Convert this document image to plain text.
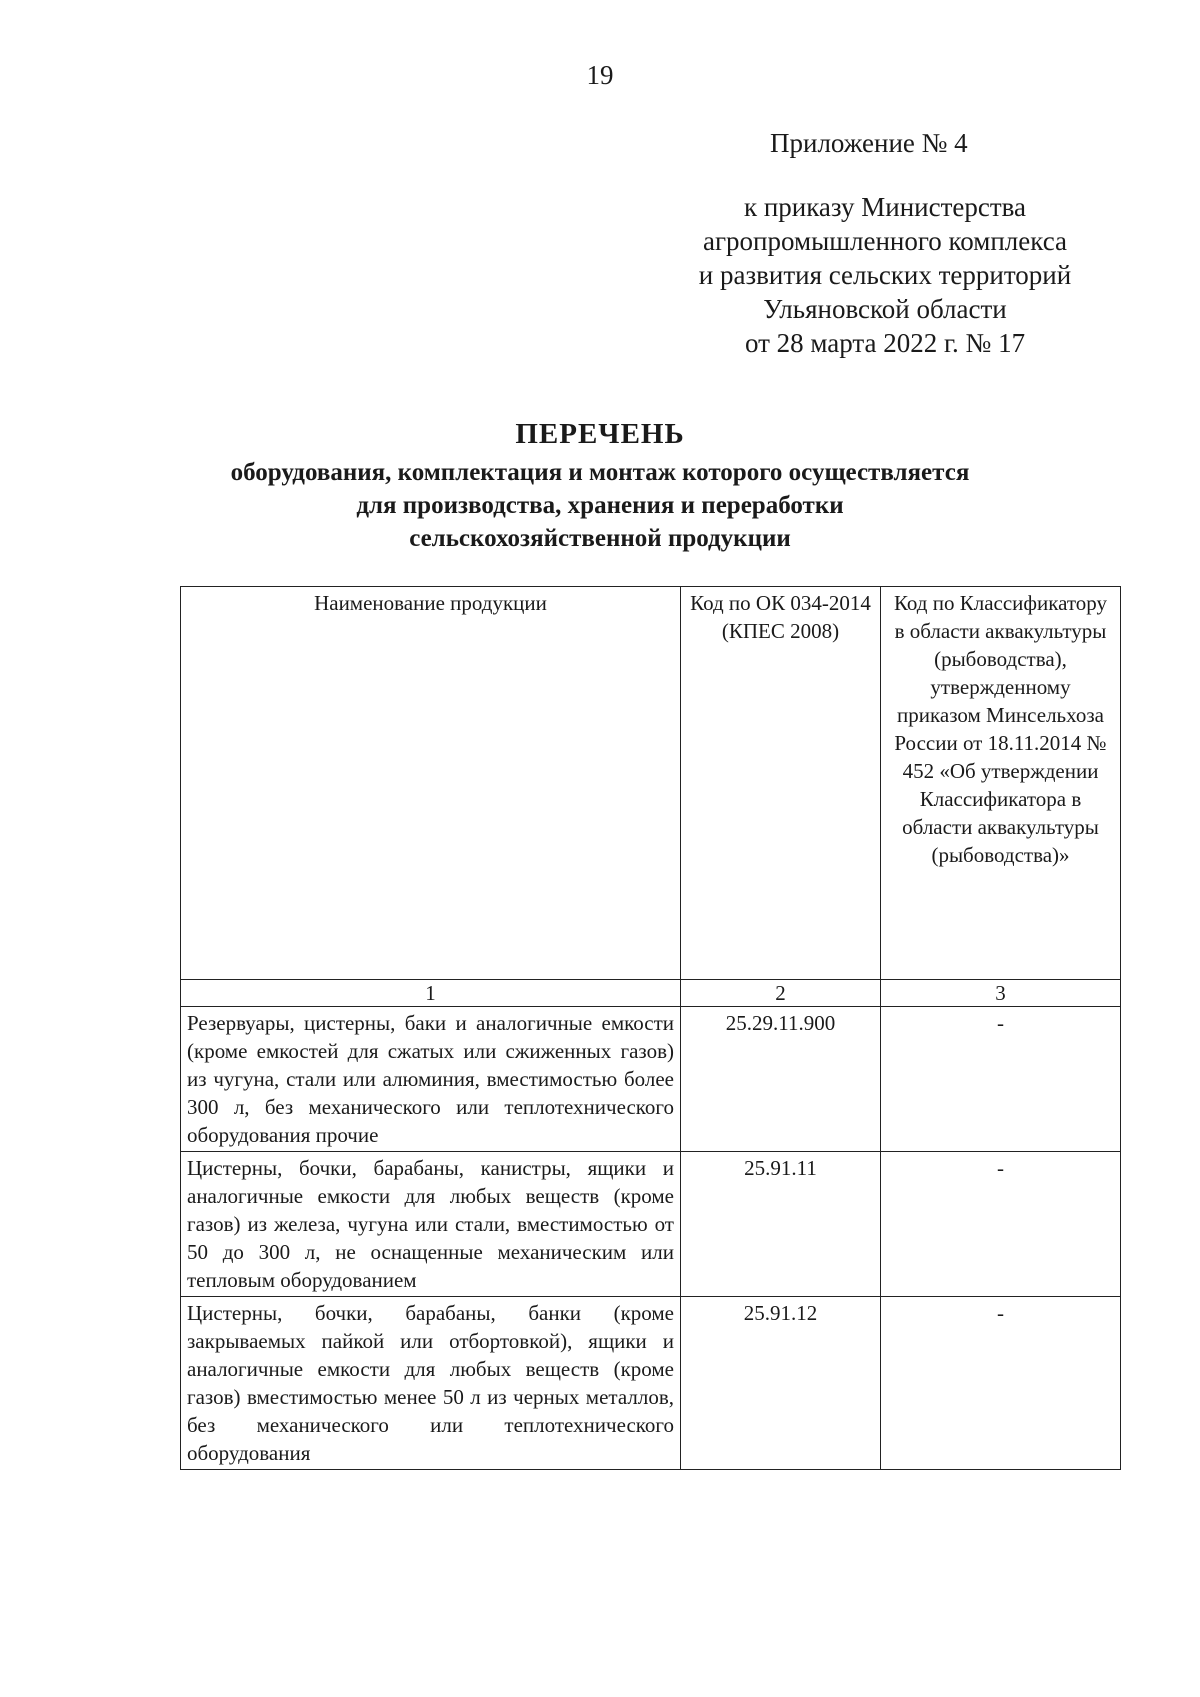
19
Приложение № 4
к приказу Министерства
агропромышленного комплекса
и развития сельских территорий
Ульяновской области
от 28 марта 2022 г. № 17
ПЕРЕЧЕНЬ
оборудования, комплектация и монтаж которого осуществляется
для производства, хранения и переработки
сельскохозяйственной продукции
Наименование продукции	Код по ОК 034-2014 (КПЕС 2008)	Код по Классификатору в области аквакультуры (рыбоводства), утвержденному приказом Минсельхоза России от 18.11.2014 № 452 «Об утверждении Классификатора в области аквакультуры (рыбоводства)»
1	2	3
Резервуары, цистерны, баки и аналогичные емкости (кроме емкостей для сжатых или сжиженных газов) из чугуна, стали или алюминия, вместимостью более 300 л, без механического или теплотехнического оборудования прочие	25.29.11.900	-
Цистерны, бочки, барабаны, канистры, ящики и аналогичные емкости для любых веществ (кроме газов) из железа, чугуна или стали, вместимостью от 50 до 300 л, не оснащенные механическим или тепловым оборудованием	25.91.11	-
Цистерны, бочки, барабаны, банки (кроме закрываемых пайкой или отбортовкой), ящики и аналогичные емкости для любых веществ (кроме газов) вместимостью менее 50 л из черных металлов, без механического или теплотехнического оборудования	25.91.12	-
